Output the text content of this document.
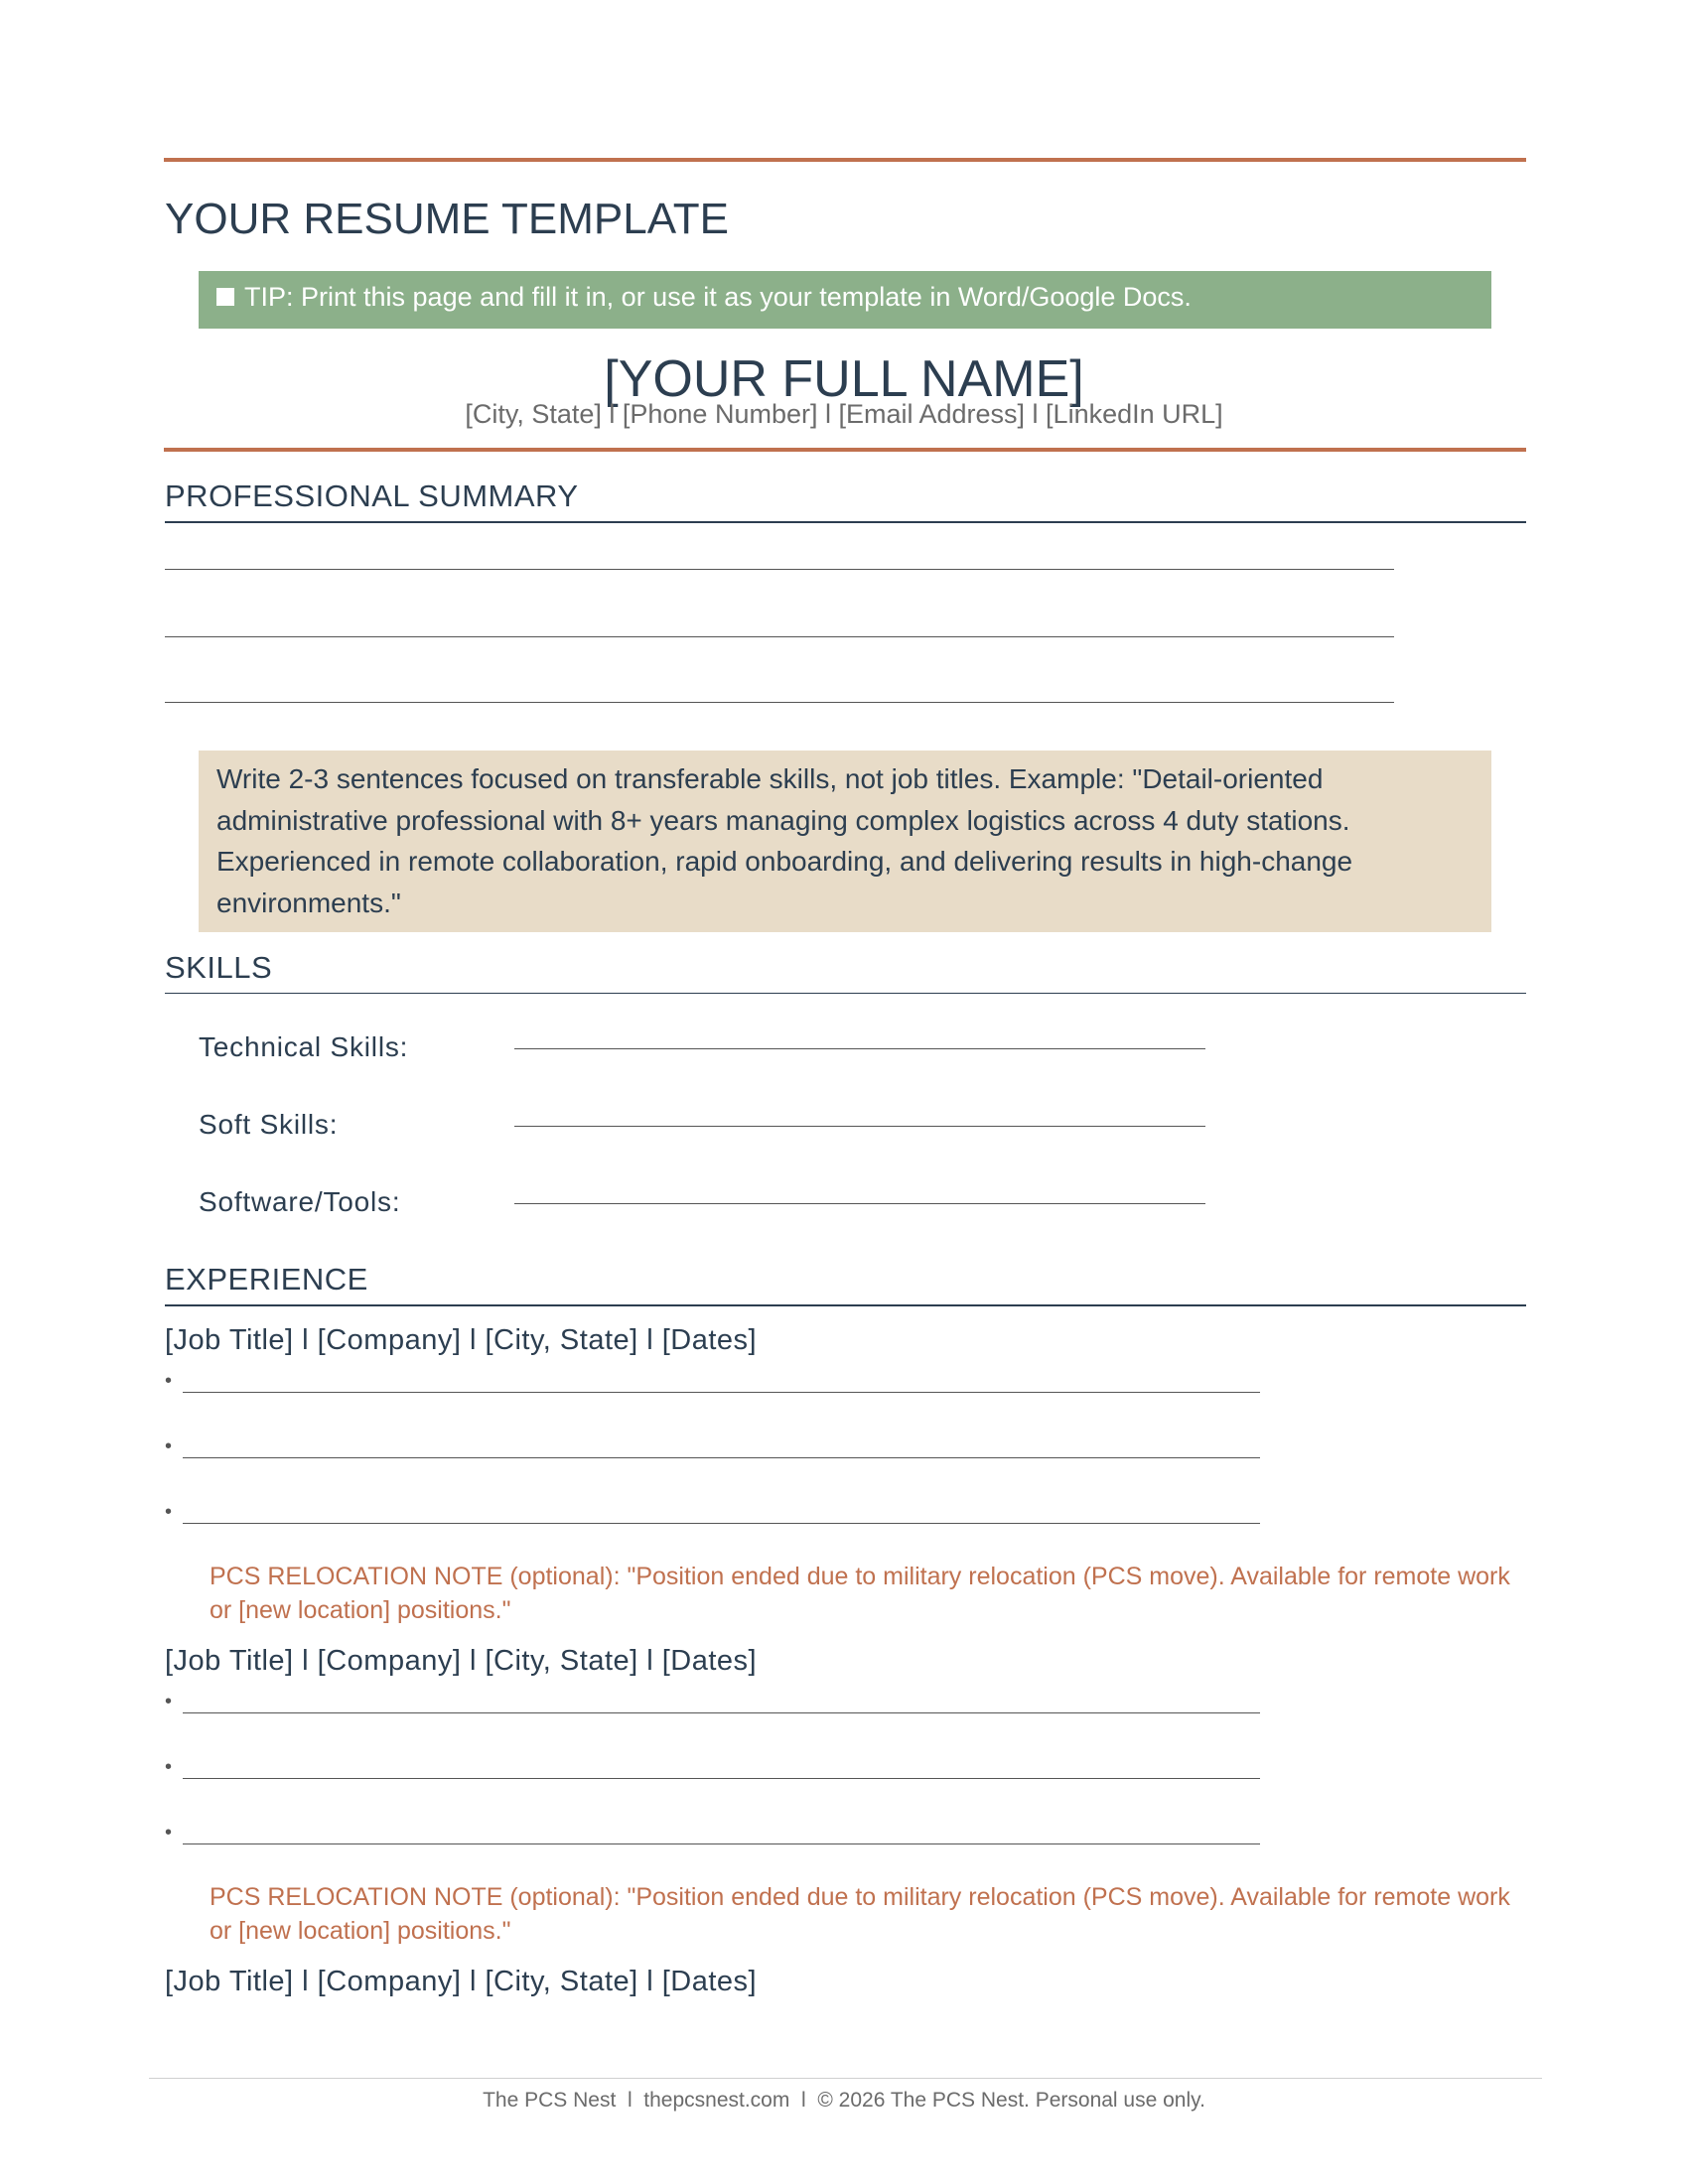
YOUR RESUME TEMPLATE
TIP: Print this page and fill it in, or use it as your template in Word/Google Docs.
[YOUR FULL NAME]
[City, State] l [Phone Number] l [Email Address] l [LinkedIn URL]
PROFESSIONAL SUMMARY
Write 2-3 sentences focused on transferable skills, not job titles. Example: "Detail-oriented administrative professional with 8+ years managing complex logistics across 4 duty stations. Experienced in remote collaboration, rapid onboarding, and delivering results in high-change environments."
SKILLS
Technical Skills:
Soft Skills:
Software/Tools:
EXPERIENCE
[Job Title] l [Company] l [City, State] l [Dates]
•
•
•
PCS RELOCATION NOTE (optional): "Position ended due to military relocation (PCS move). Available for remote work or [new location] positions."
[Job Title] l [Company] l [City, State] l [Dates]
•
•
•
PCS RELOCATION NOTE (optional): "Position ended due to military relocation (PCS move). Available for remote work or [new location] positions."
[Job Title] l [Company] l [City, State] l [Dates]
The PCS Nest  l  thepcsnest.com  l  © 2026 The PCS Nest. Personal use only.
